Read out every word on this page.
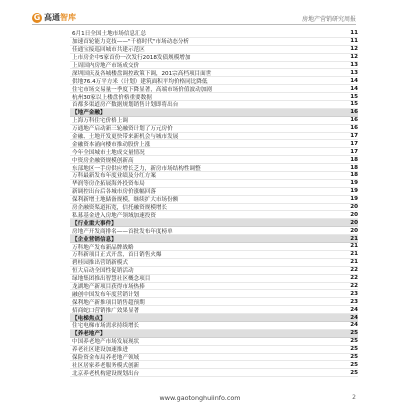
G 高通智库	房地产营销研究周报
6月1日全国土地市场信息汇总	11
加速首轮能力竞技——"千禧时代"市场动态分析	11
佳通宝接巡回城市共建示范区	12
上市房企中5家首份一次发行2018发债规模增加	12
上周国内房地产市场成交价	13
深圳国庆及各城楼盘调控政策下调，201宗高档项目面世	13
供地76.4万平方米（计划）建筑面积平均价格同比降低	14
住宅市场交易量一季度下降显著，高端市场价值波动加剧	14
杭州30家以上楼盘价格重要数据	15
首都多渠道房产数据规划销售计划即将出台	15
【地产金融】	16
上海万科住宅价格上调	16
万通地产启动新三轮融资计划了万元房价	16
金融、土地开发更快带来新机会与城市发展	17
金融资本涌向楼市推动股价上涨	17
今年全国城市土地成交量情况	17
中资房企融资规模创新高	18
东部地区一手房供应增长乏力，新房市场结构性调整	18
万科最新发布年度业绩及分红方案	18
华润等房企拓展海外投资布局	19
新调控出台后各城市房价涨幅回落	19
保利新增土地储备规模，继续扩大市场份额	19
房企融资渠道拓宽，信托融资规模增长	20
私募基金进入房地产领域加速投资	20
【行业重大事件】	20
房地产开发商排名——首批发布年度榜单	20
【企业营销信息】	21
万科地产发布新品牌战略	21
万科新项目正式开盘，首日销售火爆	21
碧桂园推出营销新模式	21
恒大启动全国性促销活动	22
绿地集团推出智慧社区概念项目	22
龙湖地产新项目获得市场热捧	22
融创中国发布年度营销计划	23
保利地产新推项目销售超预期	23
招商蛇口营销推广效果显著	24
【电梯焦点】	24
住宅电梯市场需求持续增长	24
【养老地产】	25
中国养老地产市场发展现状	25
养老社区建设加速推进	25
保险资金布局养老地产领域	25
社区居家养老服务模式创新	25
北京养老机构建设规划出台	25
www.gaotonghuiinfo.com	2
